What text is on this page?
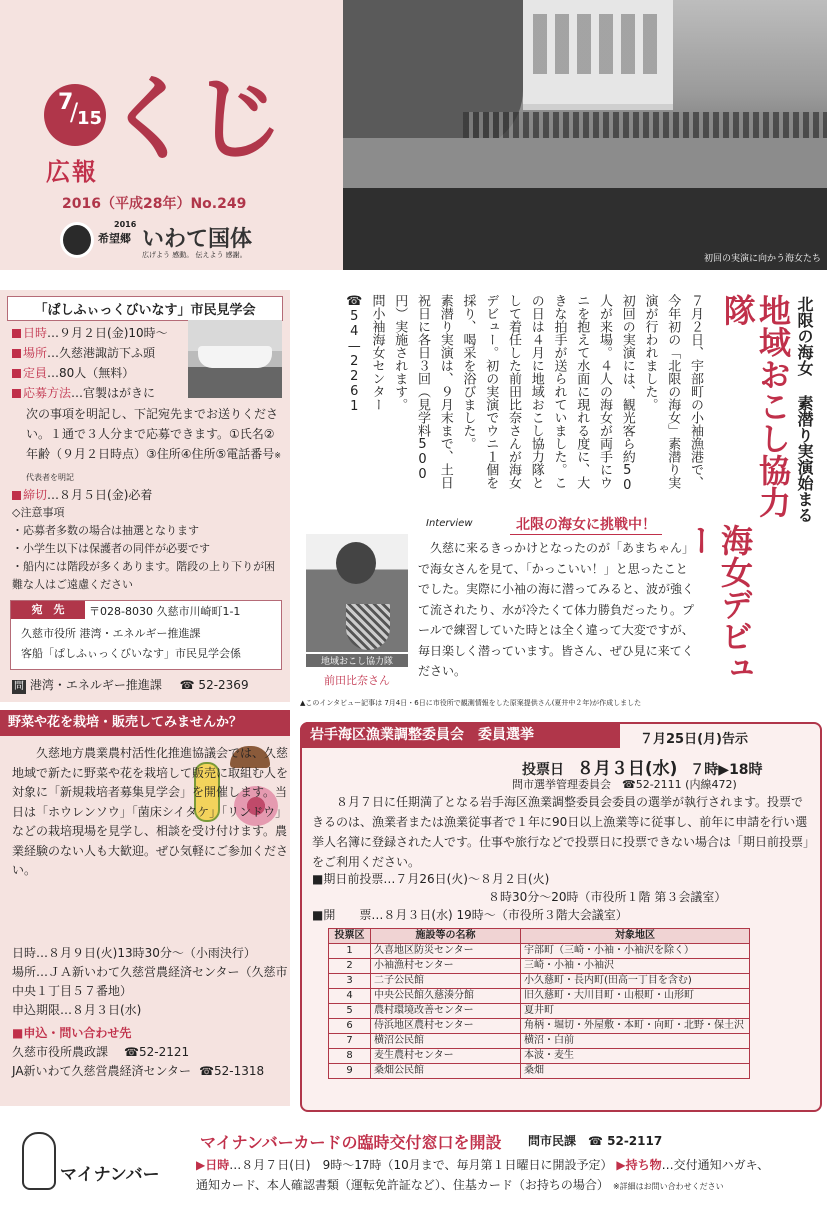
7
/
15
広報 くじ
2016（平成28年）No.249
2016
希望郷 いわて国体
広げよう 感動。 伝えよう 感謝。	初回の実演に向かう海女たち
「ぱしふぃっくびいなす」市民見学会
日時…９月２日(金)10時〜
場所…久慈港諏訪下ふ頭
定員…80人（無料）
応募方法…官製はがきに
次の事項を明記し、下記宛先までお送りください。１通で３人分まで応募できます。①氏名②年齢（９月２日時点）③住所④住所⑤電話番号※代表者を明記
締切…８月５日(金)必着
◇注意事項
・応募者多数の場合は抽選となります
・小学生以下は保護者の同伴が必要です
・船内には階段が多くあります。階段の上り下りが困難な人はご遠慮ください
宛　先	〒028-8030 久慈市川崎町1-1
久慈市役所 港湾・エネルギー推進課
客船「ぱしふぃっくびいなす」市民見学会係
問 港湾・エネルギー推進課 ☎ 52-2369
野菜や花を栽培・販売してみませんか？
久慈地方農業農村活性化推進協議会では、久慈地域で新たに野菜や花を栽培して販売に取組む人を対象に「新規栽培者募集見学会」を開催します。当日は「ホウレンソウ」「菌床シイタケ」「リンドウ」などの栽培現場を見学し、相談を受け付けます。農業経験のない人も大歓迎。ぜひ気軽にご参加ください。
日時…８月９日(火)13時30分〜（小雨決行）
場所…ＪＡ新いわて久慈営農経済センター（久慈市中央１丁目５７番地）
申込期限…８月３日(水)
■申込・問い合わせ先
久慈市役所農政課 ☎52-2121
JA新いわて久慈営農経済センター ☎52-1318
北限の海女 素潜り実演始まる
地域おこし協力隊
海女デビュー

７月２日、宇部町の小袖漁港で、今年初の「北限の海女」素潜り実演が行われました。

初回の実演には、観光客ら約50人が来場。４人の海女が両手にウニを抱えて水面に現れる度に、大きな拍手が送られていました。この日は４月に地域おこし協力隊として着任した前田比奈さんが海女デビュー。初の実演でウニ１個を採り、喝采を浴びました。

素潜り実演は、９月末まで、土日祝日に各日３回（見学料500円）実施されます。

問小袖海女センター

☎54—2261

Interview	北限の海女に挑戦中！
地域おこし協力隊
前田比奈さん
久慈に来るきっかけとなったのが「あまちゃん」で海女さんを見て、「かっこいい！」と思ったことでした。実際に小袖の海に潜ってみると、波が強くて流されたり、水が冷たくて体力勝負だったり。プールで練習していた時とは全く違って大変ですが、毎日楽しく潜っています。皆さん、ぜひ見に来てください。
▲このインタビュー記事は 7月4日・6日に市役所で観測情報をした原案提供さん(夏井中２年)が作成しました
岩手海区漁業調整委員会　委員選挙	７月25日(月)告示
投票日 ８月３日(水) ７時▶18時
問市選挙管理委員会　☎52-2111 (内線472)
８月７日に任期満了となる岩手海区漁業調整委員会委員の選挙が執行されます。投票できるのは、漁業者または漁業従事者で１年に90日以上漁業等に従事し、前年に申請を行い選挙人名簿に登録された人です。仕事や旅行などで投票日に投票できない場合は「期日前投票」をご利用ください。
■期日前投票…７月26日(火)〜８月２日(火)
８時30分〜20時（市役所１階 第３会議室）
■開　　票…８月３日(水) 19時〜（市役所３階大会議室）
投票区	施設等の名称	対象地区
1	久喜地区防災センター	宇部町（三崎・小袖・小袖沢を除く）
2	小袖漁村センター	三崎・小袖・小袖沢
3	二子公民館	小久慈町・長内町(田高一丁目を含む)
4	中央公民館久慈湊分館	旧久慈町・大川目町・山根町・山形町
5	農村環境改善センター	夏井町
6	侍浜地区農村センター	角柄・堀切・外屋敷・本町・向町・北野・保土沢
7	横沼公民館	横沼・白前
8	麦生農村センター	本波・麦生
9	桑畑公民館	桑畑
マイナンバー
マイナンバーカードの臨時交付窓口を開設 問市民課　☎ 52-2117
▶日時…８月７日(日)　9時〜17時（10月まで、毎月第１日曜日に開設予定） ▶持ち物…交付通知ハガキ、
通知カード、本人確認書類（運転免許証など）、住基カード（お持ちの場合） ※詳細はお問い合わせください
